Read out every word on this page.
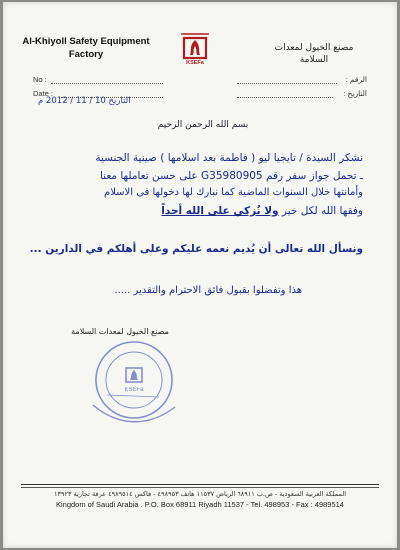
Al-Khiyoll Safety Equipment
Factory
KSEFa
مصنع الخيول لمعدات
السلامة
No :
Date :
الرقم :
التاريخ :
التاريخ 10 / 11 / 2012 م
بسم الله الرحمن الرحيم
نشكر السيدة / تايجيا ليو ( فاطمة بعد اسلامها ) صينية الجنسية
ـ تحمل جواز سفر رقم G35980905 على حسن تعاملها معنا
وأمانتها خلال السنوات الماضية كما نبارك لها دخولها فى الاسلام
وفقها الله لكل خير ولا نُزكي على الله أحداً
ونسأل الله تعالى أن يُديم نعمه عليكم وعلى أهلكم في الدارين ...
هذا وتفضلوا بقبول فائق الاحترام والتقدير .....
مصنع الخيول لمعدات السلامة
KSEFa
المملكة العربية السعودية - ص.ب ٦٨٩١١ الرياض ١١٥٣٧ هاتف ٤٩٨٩٥٣ - فاكس ٤٩٨٩٥١٤ عرفة تجارية ١٣٩٢٣
Kingdom of Saudi Arabia . P.O. Box 68911 Riyadh 11537 - Tel. 498953 - Fax : 4989514
